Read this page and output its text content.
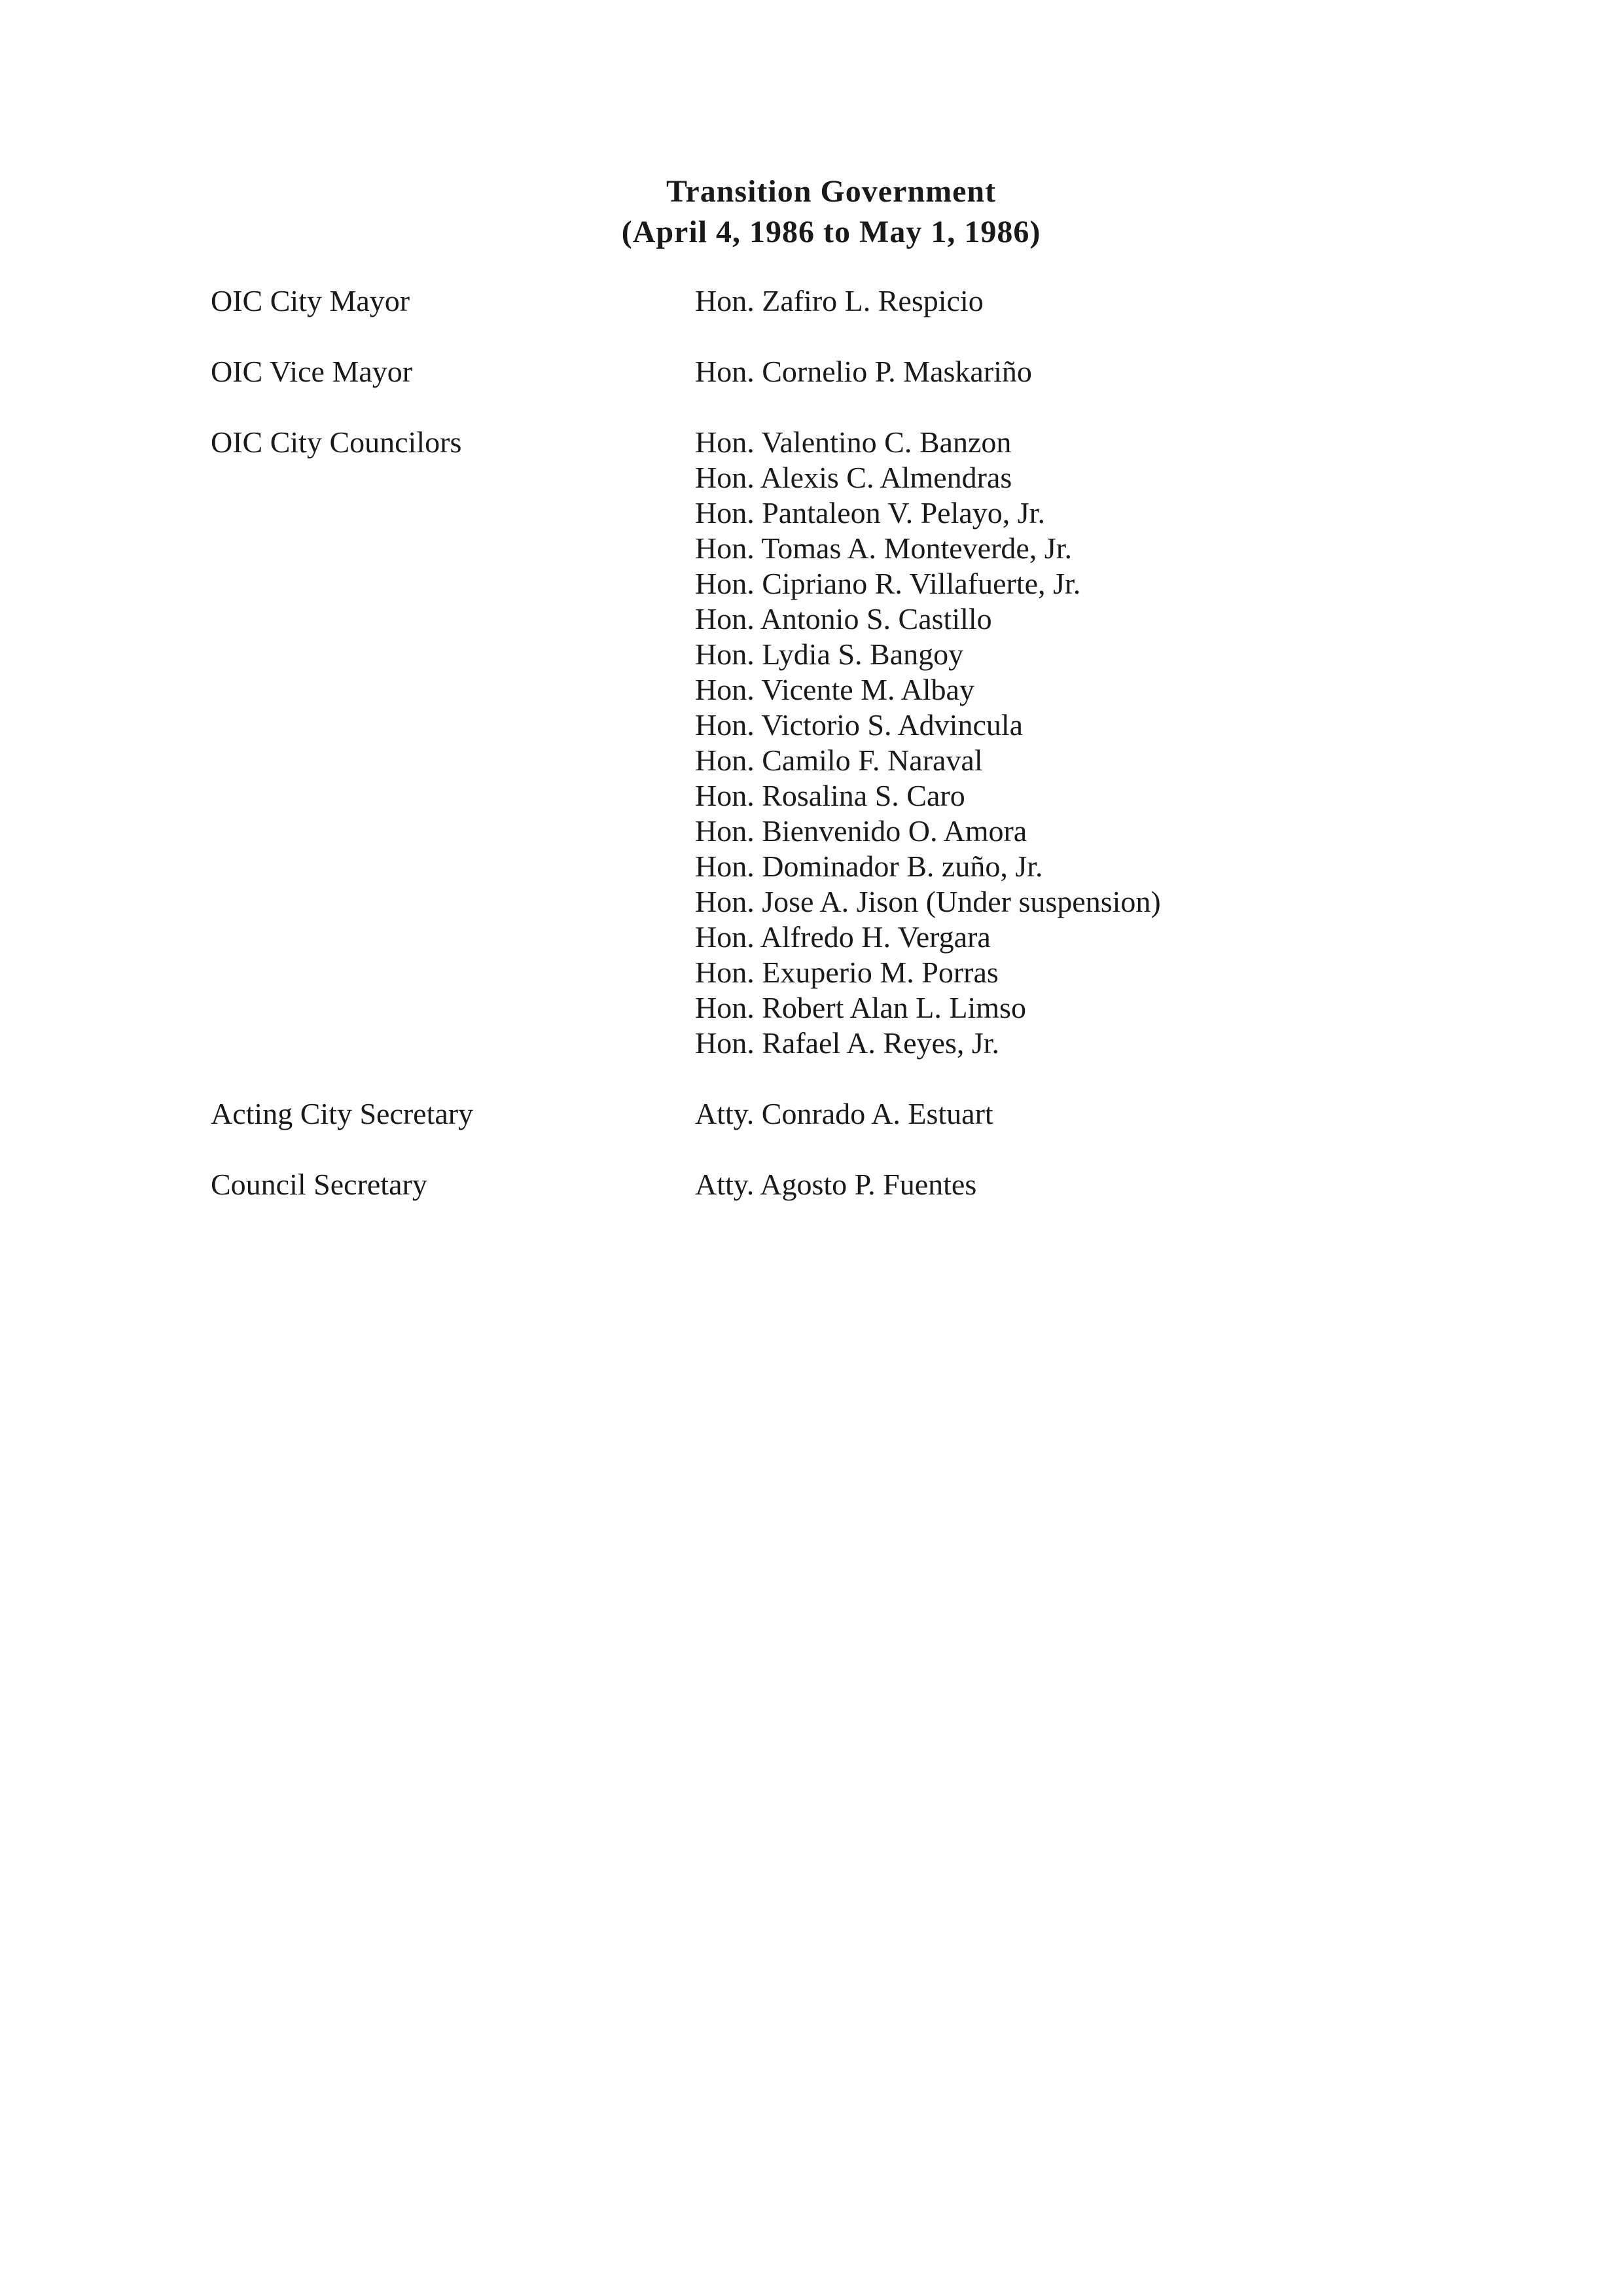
Transition Government
(April 4, 1986 to May 1, 1986)
OIC City Mayor	Hon. Zafiro L. Respicio
OIC Vice Mayor	Hon. Cornelio P. Maskariño
OIC City Councilors	Hon. Valentino C. Banzon
Hon. Alexis C. Almendras
Hon. Pantaleon V. Pelayo, Jr.
Hon. Tomas A. Monteverde, Jr.
Hon. Cipriano R. Villafuerte, Jr.
Hon. Antonio S. Castillo
Hon. Lydia S. Bangoy
Hon. Vicente M. Albay
Hon. Victorio S. Advincula
Hon. Camilo F. Naraval
Hon. Rosalina S. Caro
Hon. Bienvenido O. Amora
Hon. Dominador B. zuño, Jr.
Hon. Jose A. Jison (Under suspension)
Hon. Alfredo H. Vergara
Hon. Exuperio M. Porras
Hon. Robert Alan L. Limso
Hon. Rafael A. Reyes, Jr.
Acting City Secretary	Atty. Conrado A. Estuart
Council Secretary	Atty. Agosto P. Fuentes
